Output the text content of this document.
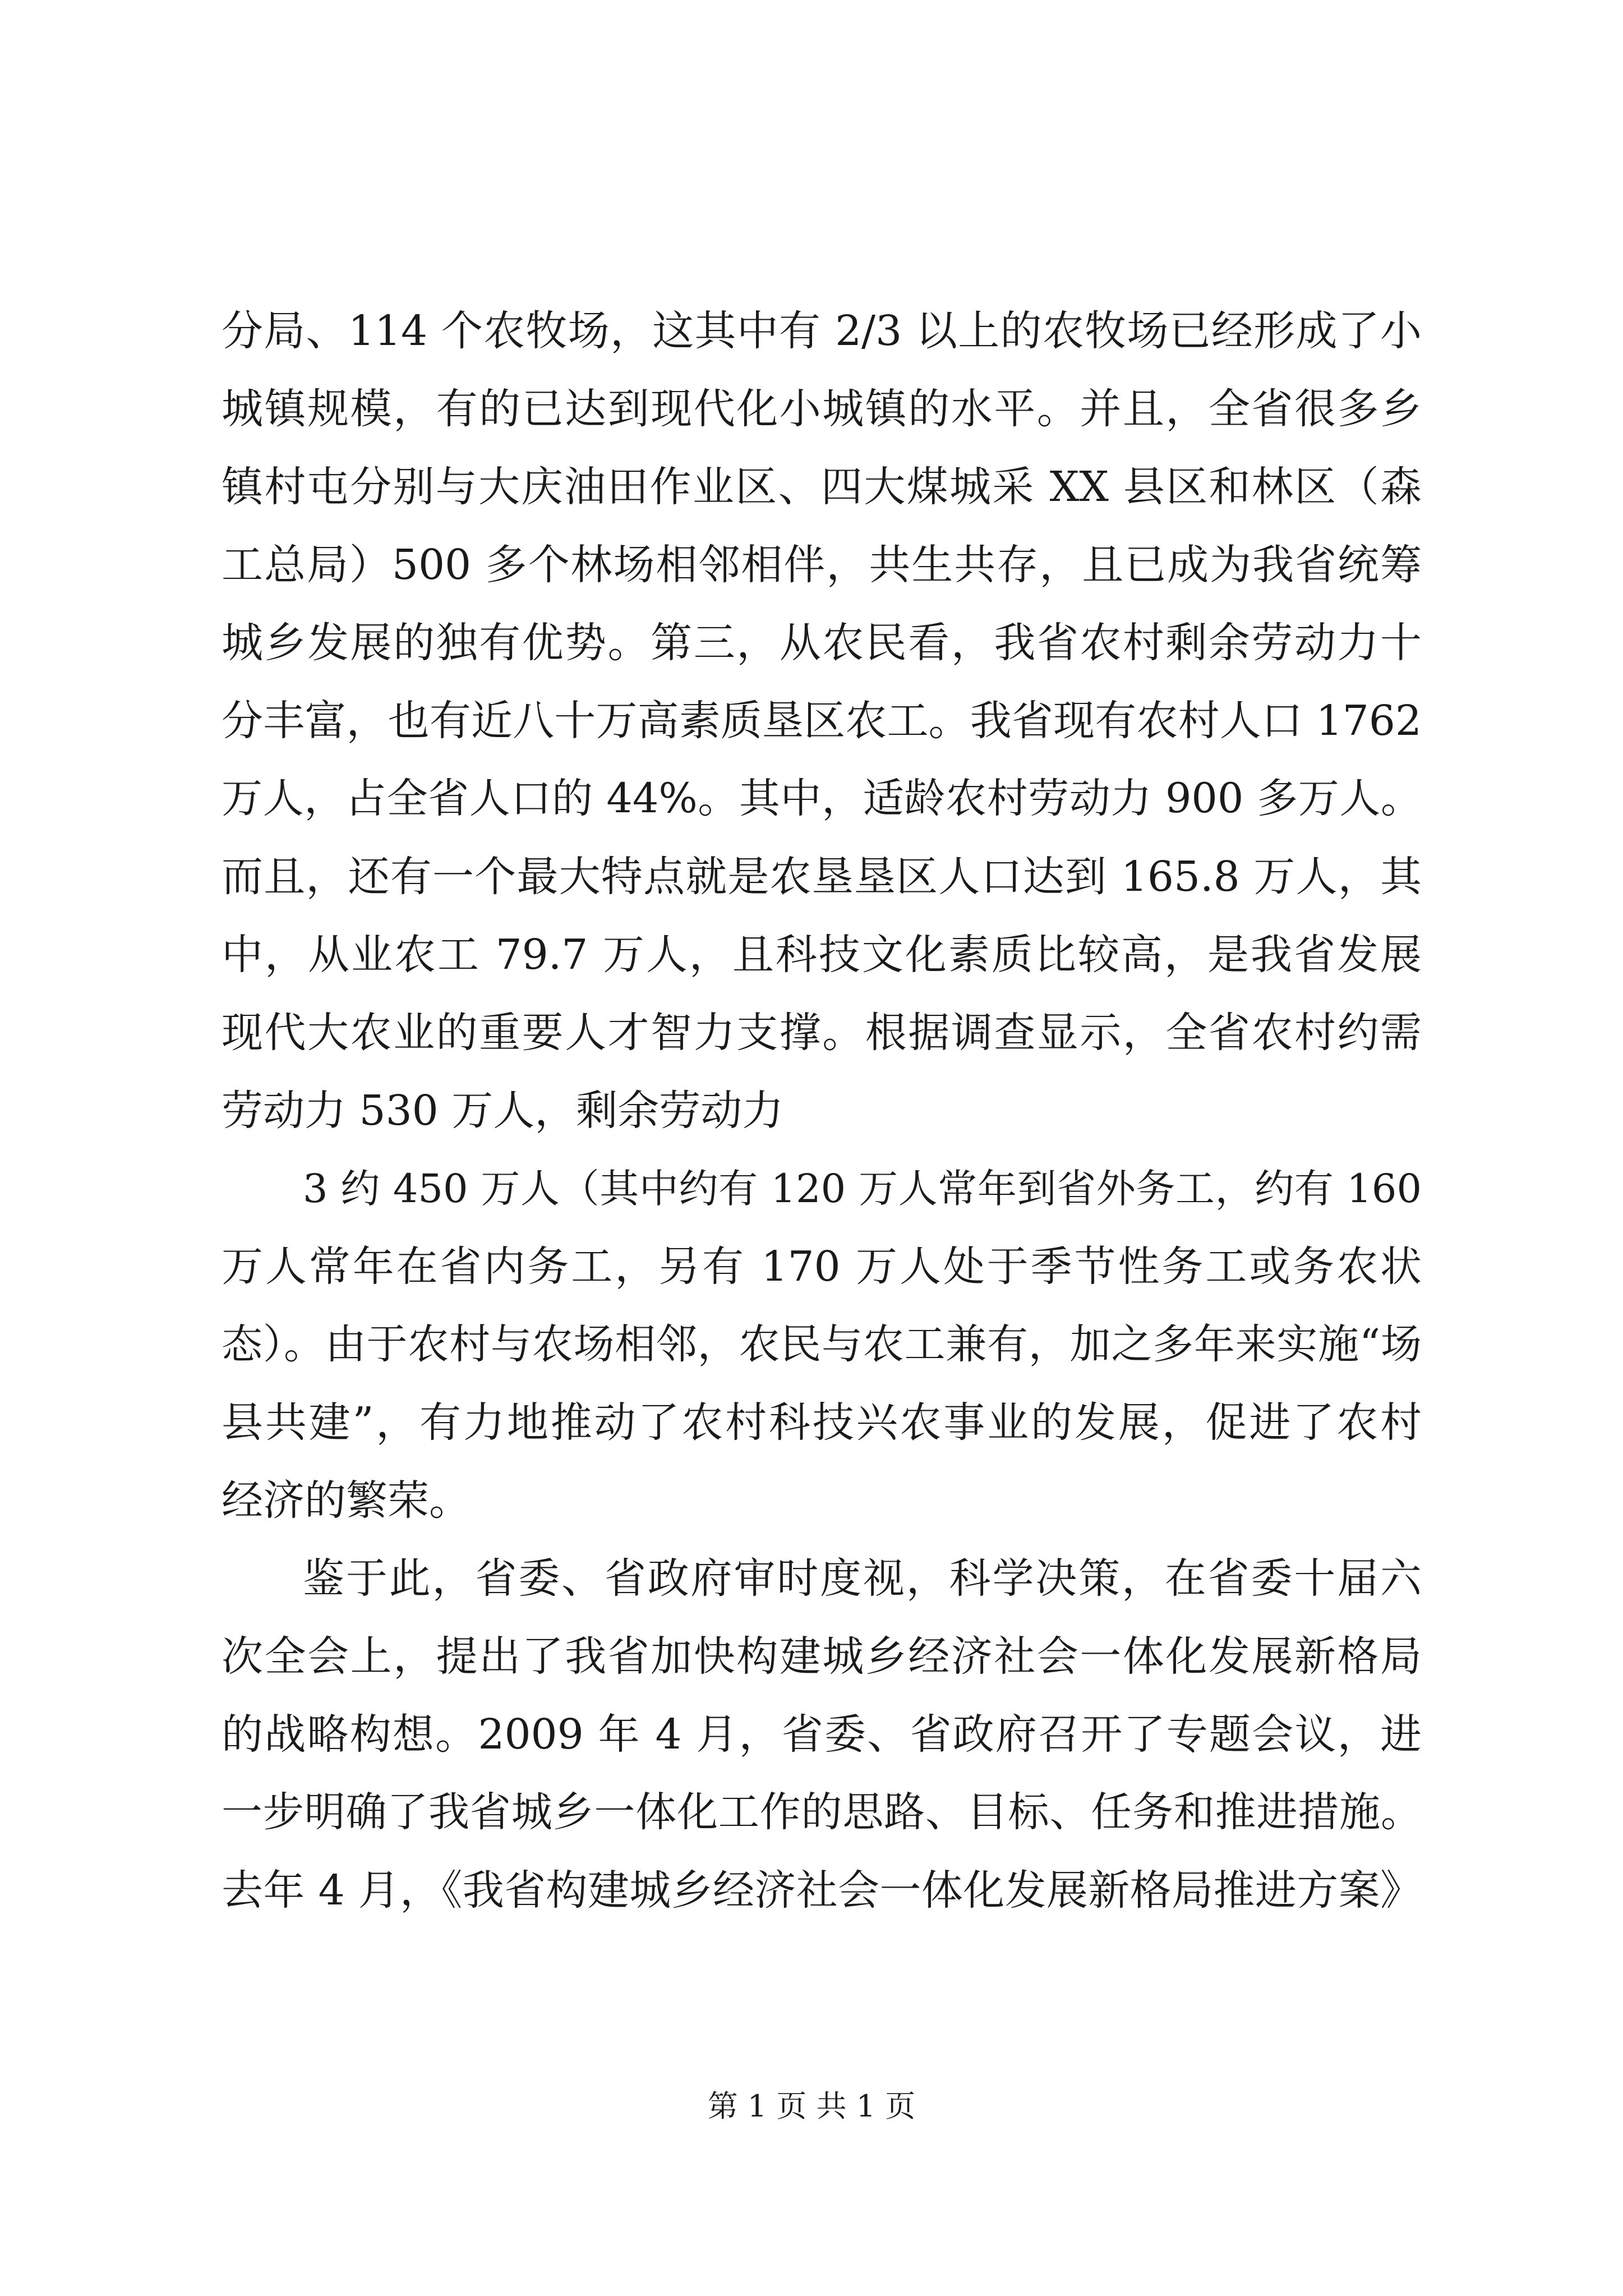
分局、114 个农牧场，这其中有 2/3 以上的农牧场已经形成了小
城镇规模，有的已达到现代化小城镇的水平。并且，全省很多乡
镇村屯分别与大庆油田作业区、四大煤城采 XX 县区和林区（森
工总局）500 多个林场相邻相伴，共生共存，且已成为我省统筹
城乡发展的独有优势。第三，从农民看，我省农村剩余劳动力十
分丰富，也有近八十万高素质垦区农工。我省现有农村人口 1762
万人，占全省人口的 44%。其中，适龄农村劳动力 900 多万人。
而且，还有一个最大特点就是农垦垦区人口达到 165.8 万人，其
中，从业农工 79.7 万人，且科技文化素质比较高，是我省发展
现代大农业的重要人才智力支撑。根据调查显示，全省农村约需
劳动力 530 万人，剩余劳动力
3 约 450 万人（其中约有 120 万人常年到省外务工，约有 160
万人常年在省内务工，另有 170 万人处于季节性务工或务农状
态）。由于农村与农场相邻，农民与农工兼有，加之多年来实施“场
县共建”，有力地推动了农村科技兴农事业的发展，促进了农村
经济的繁荣。
鉴于此，省委、省政府审时度视，科学决策，在省委十届六
次全会上，提出了我省加快构建城乡经济社会一体化发展新格局
的战略构想。2009 年 4 月，省委、省政府召开了专题会议，进
一步明确了我省城乡一体化工作的思路、目标、任务和推进措施。
去年 4 月，《我省构建城乡经济社会一体化发展新格局推进方案》
第 1 页 共 1 页
